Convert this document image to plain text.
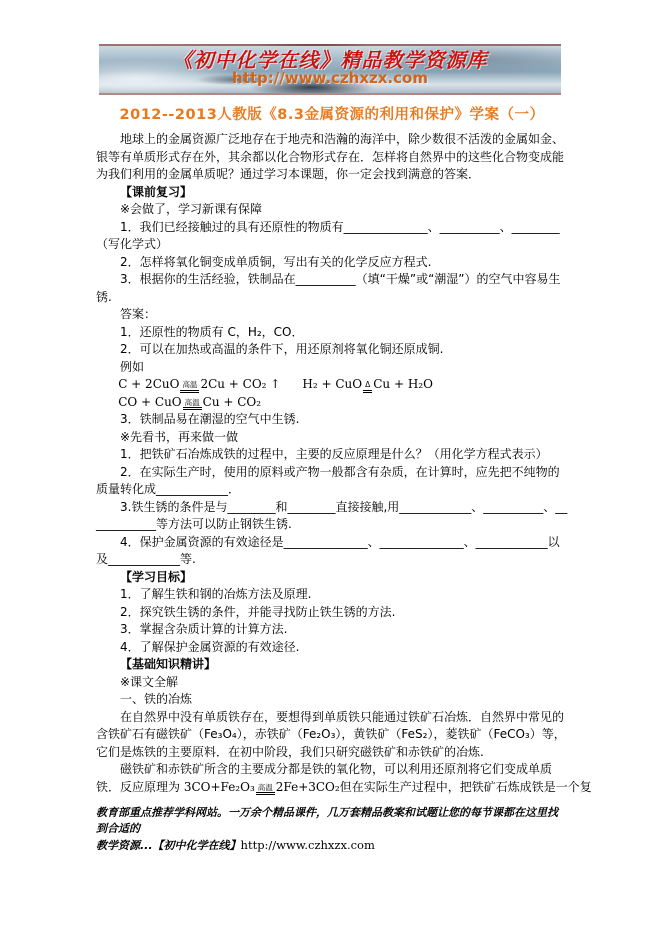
《初中化学在线》精品教学资源库
http://www.czhxzx.com
2012--2013人教版《8.3金属资源的利用和保护》学案（一）

地球上的金属资源广泛地存在于地壳和浩瀚的海洋中，除少数很不活泼的金属如金、银等有单质形式存在外，其余都以化合物形式存在．怎样将自然界中的这些化合物变成能为我们利用的金属单质呢？通过学习本课题，你一定会找到满意的答案．

【课前复习】

※会做了，学习新课有保障

1．我们已经接触过的具有还原性的物质有______________、__________、________

（写化学式）

2．怎样将氧化铜变成单质铜，写出有关的化学反应方程式.

3．根据你的生活经验，铁制品在__________（填“干燥”或“潮湿”）的空气中容易生锈.

答案：

1．还原性的物质有 C，H₂，CO．

2．可以在加热或高温的条件下，用还原剂将氧化铜还原成铜.

例如

C + 2CuO 高温 2Cu + CO₂ ↑ H₂ + CuO Δ Cu + H₂O

CO + CuO 高温 Cu + CO₂

3．铁制品易在潮湿的空气中生锈.

※先看书，再来做一做

1．把铁矿石冶炼成铁的过程中，主要的反应原理是什么？（用化学方程式表示）

2．在实际生产时，使用的原料或产物一般都含有杂质，在计算时，应先把不纯物的质量转化成____________．

3.铁生锈的条件是与________和________直接接触,用____________、__________、____________等方法可以防止钢铁生锈.

4．保护金属资源的有效途径是______________、______________、____________以及____________等.

【学习目标】

1．了解生铁和钢的冶炼方法及原理.

2．探究铁生锈的条件，并能寻找防止铁生锈的方法.

3．掌握含杂质计算的计算方法.

4．了解保护金属资源的有效途径.

【基础知识精讲】

※课文全解

一、铁的冶炼

在自然界中没有单质铁存在，要想得到单质铁只能通过铁矿石冶炼．自然界中常见的含铁矿石有磁铁矿（Fe₃O₄），赤铁矿（Fe₂O₃），黄铁矿（FeS₂），菱铁矿（FeCO₃）等，它们是炼铁的主要原料．在初中阶段，我们只研究磁铁矿和赤铁矿的冶炼.

磁铁矿和赤铁矿所含的主要成分都是铁的氧化物，可以利用还原剂将它们变成单质

铁．反应原理为 3CO+Fe₂O₃ 高温 2Fe+3CO₂但在实际生产过程中，把铁矿石炼成铁是一个复

教育部重点推荐学科网站。一万余个精品课件，几万套精品教案和试题让您的每节课都在这里找到合适的
教学资源...【初中化学在线】http://www.czhxzx.com
